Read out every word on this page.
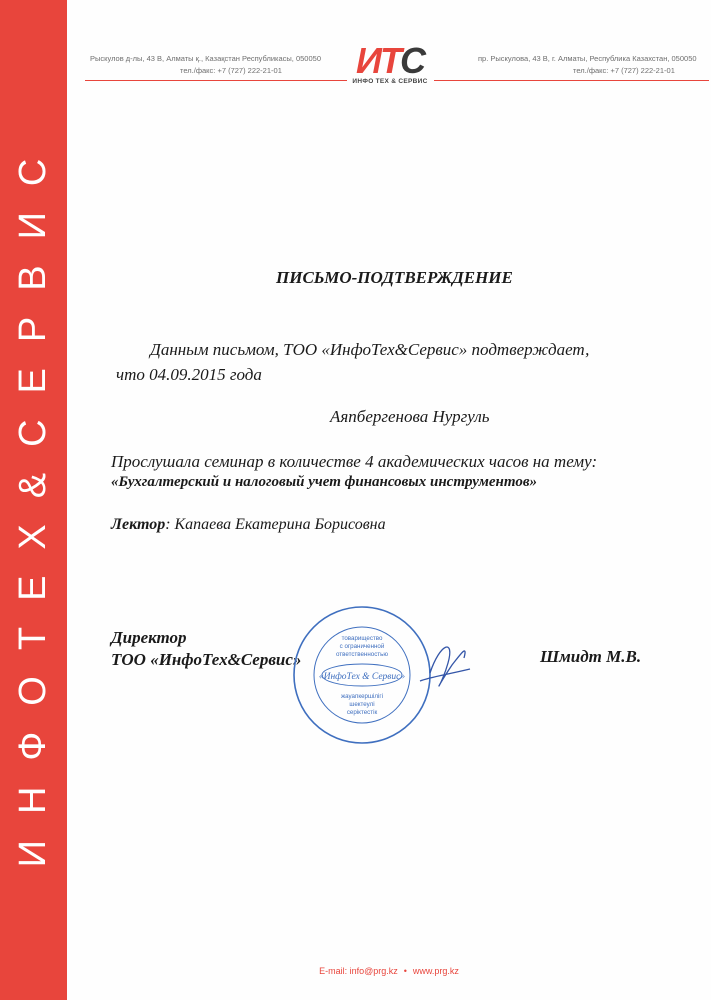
ИНФОТЕХ&СЕРВИС
Рыскулов д-лы, 43 В, Алматы қ., Казақстан Республикасы, 050050
тел./факс: +7 (727) 222-21-01
пр. Рыскулова, 43 В, г. Алматы, Республика Казахстан, 050050
тел./факс: +7 (727) 222-21-01
ИТС
ИНФО ТЕХ & СЕРВИС
ПИСЬМО-ПОДТВЕРЖДЕНИЕ
Данным письмом, ТОО «ИнфоТех&Сервис» подтверждает,
что 04.09.2015 года
Аяпбергенова Нургуль
Прослушала семинар в количестве 4 академических часов на тему:
«Бухгалтерский и налоговый учет финансовых инструментов»
Лектор: Капаева Екатерина Борисовна
Директор
ТОО «ИнфоТех&Сервис»	Шмидт М.В.
товарищество
с ограниченной
ответственностью
«ИнфоТех & Сервис»
жауапкершілігі
шектеулі
серіктестік
E-mail: info@prg.kz • www.prg.kz
